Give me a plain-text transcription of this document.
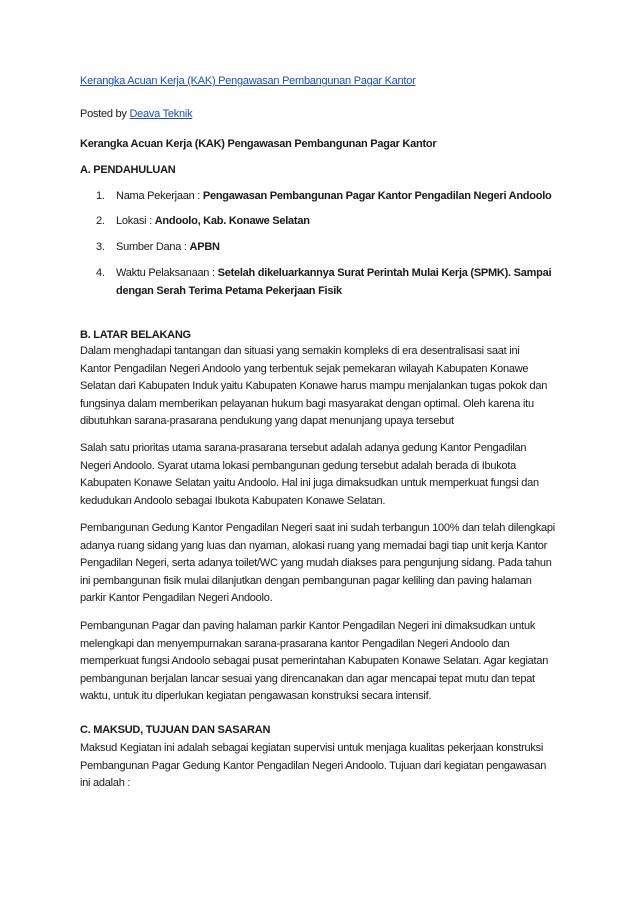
Kerangka Acuan Kerja (KAK) Pengawasan Pembangunan Pagar Kantor
Posted by Deava Teknik
Kerangka Acuan Kerja (KAK) Pengawasan Pembangunan Pagar Kantor
A. PENDAHULUAN
1. Nama Pekerjaan : Pengawasan Pembangunan Pagar Kantor Pengadilan Negeri Andoolo
2. Lokasi : Andoolo, Kab. Konawe Selatan
3. Sumber Dana : APBN
4. Waktu Pelaksanaan : Setelah dikeluarkannya Surat Perintah Mulai Kerja (SPMK). Sampai
dengan Serah Terima Petama Pekerjaan Fisik
B. LATAR BELAKANG
Dalam menghadapi tantangan dan situasi yang semakin kompleks di era desentralisasi saat ini
Kantor Pengadilan Negeri Andoolo yang terbentuk sejak pemekaran wilayah Kabupaten Konawe
Selatan dari Kabupaten Induk yaitu Kabupaten Konawe harus mampu menjalankan tugas pokok dan
fungsinya dalam memberikan pelayanan hukum bagi masyarakat dengan optimal. Oleh karena itu
dibutuhkan sarana-prasarana pendukung yang dapat menunjang upaya tersebut
Salah satu prioritas utama sarana-prasarana tersebut adalah adanya gedung Kantor Pengadilan
Negeri Andoolo. Syarat utama lokasi pembangunan gedung tersebut adalah berada di Ibukota
Kabupaten Konawe Selatan yaitu Andoolo. Hal ini juga dimaksudkan untuk memperkuat fungsi dan
kedudukan Andoolo sebagai Ibukota Kabupaten Konawe Selatan.
Pembangunan Gedung Kantor Pengadilan Negeri saat ini sudah terbangun 100% dan telah dilengkapi
adanya ruang sidang yang luas dan nyaman, alokasi ruang yang memadai bagi tiap unit kerja Kantor
Pengadilan Negeri, serta adanya toilet/WC yang mudah diakses para pengunjung sidang. Pada tahun
ini pembangunan fisik mulai dilanjutkan dengan pembangunan pagar keliling dan paving halaman
parkir Kantor Pengadilan Negeri Andoolo.
Pembangunan Pagar dan paving halaman parkir Kantor Pengadilan Negeri ini dimaksudkan untuk
melengkapi dan menyempurnakan sarana-prasarana kantor Pengadilan Negeri Andoolo dan
memperkuat fungsi Andoolo sebagai pusat pemerintahan Kabupaten Konawe Selatan. Agar kegiatan
pembangunan berjalan lancar sesuai yang direncanakan dan agar mencapai tepat mutu dan tepat
waktu, untuk itu diperlukan kegiatan pengawasan konstruksi secara intensif.
C. MAKSUD, TUJUAN DAN SASARAN
Maksud Kegiatan ini adalah sebagai kegiatan supervisi untuk menjaga kualitas pekerjaan konstruksi
Pembangunan Pagar Gedung Kantor Pengadilan Negeri Andoolo. Tujuan dari kegiatan pengawasan
ini adalah :
